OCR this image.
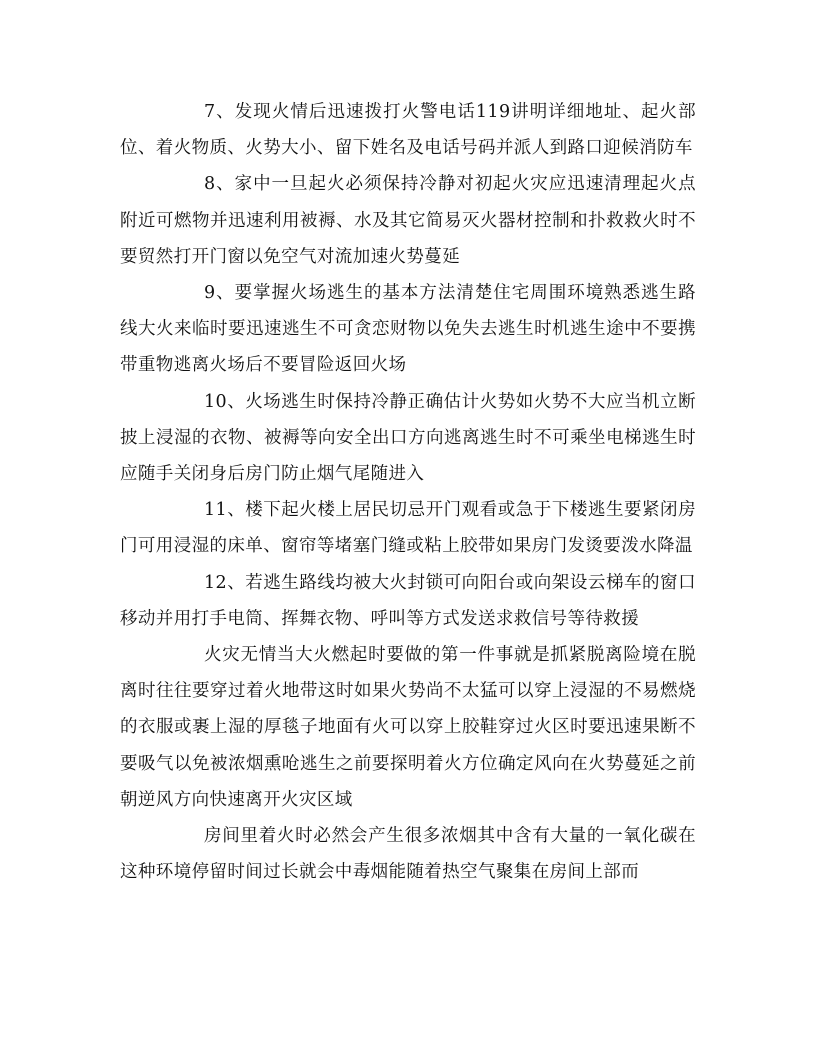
7、发现火情后迅速拨打火警电话119讲明详细地址、起火部位、着火物质、火势大小、留下姓名及电话号码并派人到路口迎候消防车

8、家中一旦起火必须保持冷静对初起火灾应迅速清理起火点附近可燃物并迅速利用被褥、水及其它简易灭火器材控制和扑救救火时不要贸然打开门窗以免空气对流加速火势蔓延

9、要掌握火场逃生的基本方法清楚住宅周围环境熟悉逃生路线大火来临时要迅速逃生不可贪恋财物以免失去逃生时机逃生途中不要携带重物逃离火场后不要冒险返回火场

10、火场逃生时保持冷静正确估计火势如火势不大应当机立断披上浸湿的衣物、被褥等向安全出口方向逃离逃生时不可乘坐电梯逃生时应随手关闭身后房门防止烟气尾随进入

11、楼下起火楼上居民切忌开门观看或急于下楼逃生要紧闭房门可用浸湿的床单、窗帘等堵塞门缝或粘上胶带如果房门发烫要泼水降温

12、若逃生路线均被大火封锁可向阳台或向架设云梯车的窗口移动并用打手电筒、挥舞衣物、呼叫等方式发送求救信号等待救援

火灾无情当大火燃起时要做的第一件事就是抓紧脱离险境在脱离时往往要穿过着火地带这时如果火势尚不太猛可以穿上浸湿的不易燃烧的衣服或裹上湿的厚毯子地面有火可以穿上胶鞋穿过火区时要迅速果断不要吸气以免被浓烟熏呛逃生之前要探明着火方位确定风向在火势蔓延之前朝逆风方向快速离开火灾区域

房间里着火时必然会产生很多浓烟其中含有大量的一氧化碳在这种环境停留时间过长就会中毒烟能随着热空气聚集在房间上部而
